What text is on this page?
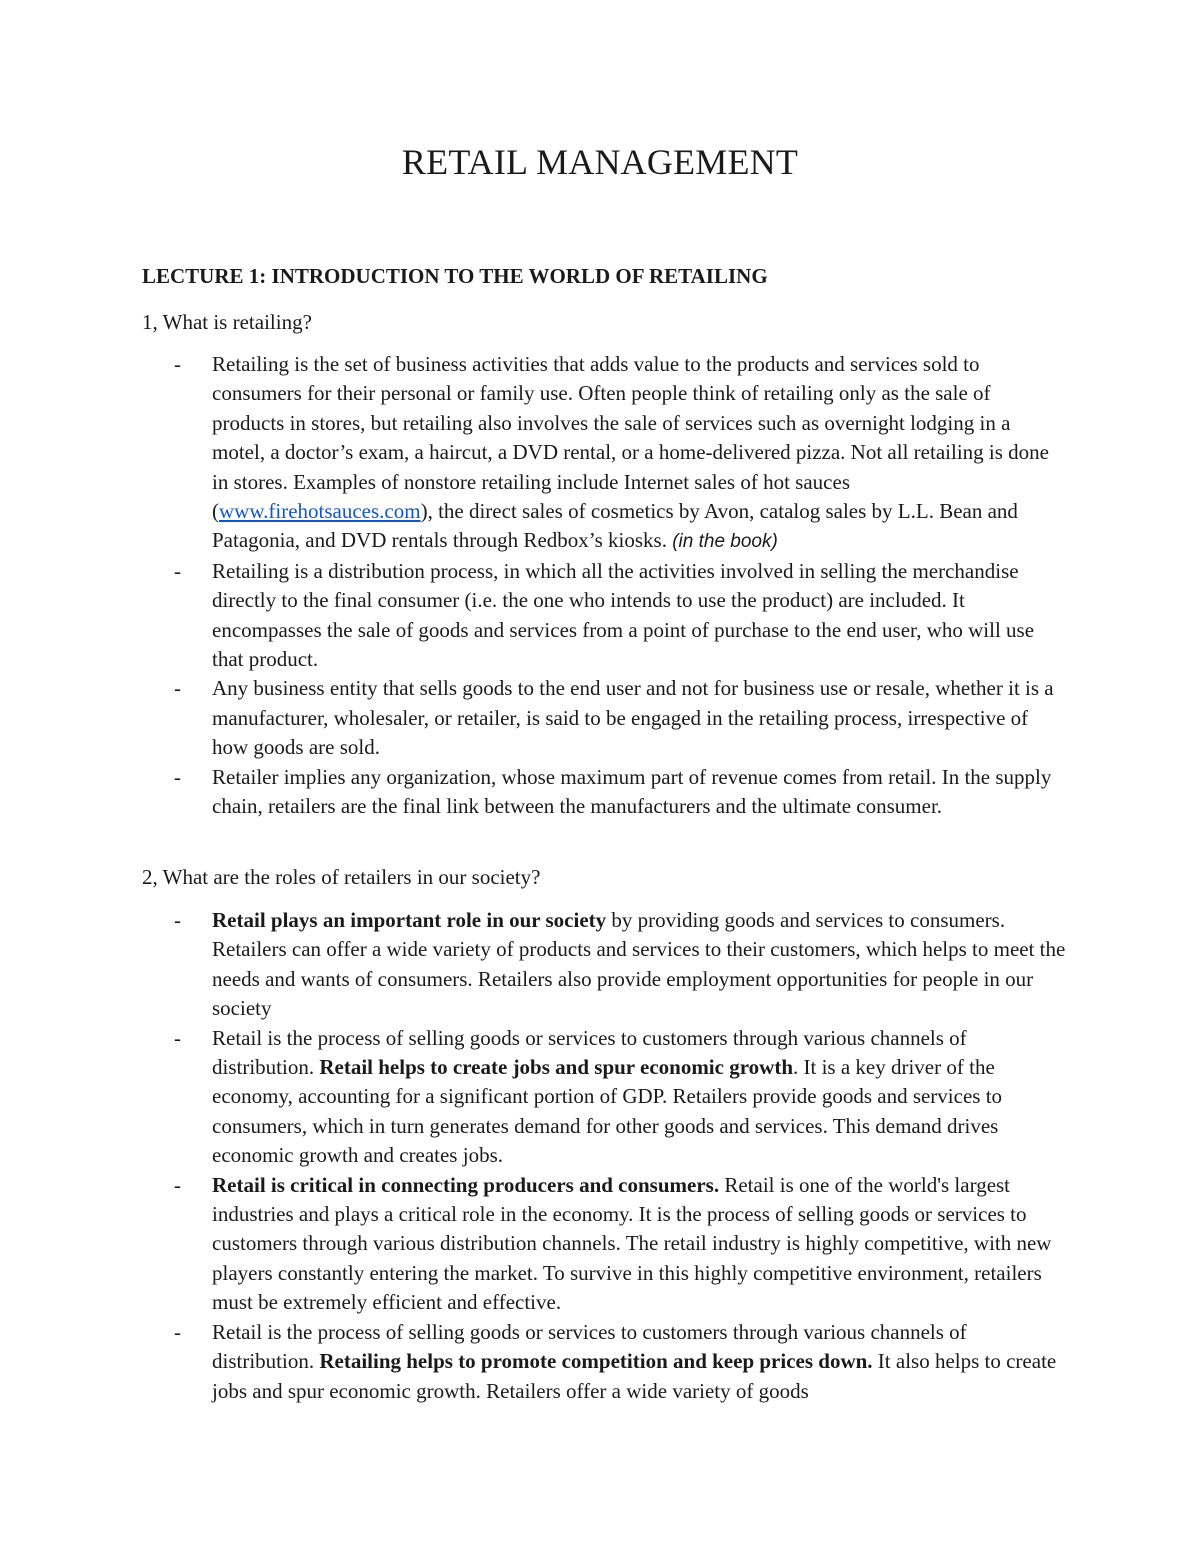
RETAIL MANAGEMENT
LECTURE 1: INTRODUCTION TO THE WORLD OF RETAILING
1, What is retailing?
- Retailing is the set of business activities that adds value to the products and services sold to consumers for their personal or family use. Often people think of retailing only as the sale of products in stores, but retailing also involves the sale of services such as overnight lodging in a motel, a doctor’s exam, a haircut, a DVD rental, or a home-delivered pizza. Not all retailing is done in stores. Examples of nonstore retailing include Internet sales of hot sauces (www.firehotsauces.com), the direct sales of cosmetics by Avon, catalog sales by L.L. Bean and Patagonia, and DVD rentals through Redbox’s kiosks. (in the book)
- Retailing is a distribution process, in which all the activities involved in selling the merchandise directly to the final consumer (i.e. the one who intends to use the product) are included. It encompasses the sale of goods and services from a point of purchase to the end user, who will use that product.
- Any business entity that sells goods to the end user and not for business use or resale, whether it is a manufacturer, wholesaler, or retailer, is said to be engaged in the retailing process, irrespective of how goods are sold.
- Retailer implies any organization, whose maximum part of revenue comes from retail. In the supply chain, retailers are the final link between the manufacturers and the ultimate consumer.
2, What are the roles of retailers in our society?
- Retail plays an important role in our society by providing goods and services to consumers. Retailers can offer a wide variety of products and services to their customers, which helps to meet the needs and wants of consumers. Retailers also provide employment opportunities for people in our society
- Retail is the process of selling goods or services to customers through various channels of distribution. Retail helps to create jobs and spur economic growth. It is a key driver of the economy, accounting for a significant portion of GDP. Retailers provide goods and services to consumers, which in turn generates demand for other goods and services. This demand drives economic growth and creates jobs.
- Retail is critical in connecting producers and consumers. Retail is one of the world's largest industries and plays a critical role in the economy. It is the process of selling goods or services to customers through various distribution channels. The retail industry is highly competitive, with new players constantly entering the market. To survive in this highly competitive environment, retailers must be extremely efficient and effective.
- Retail is the process of selling goods or services to customers through various channels of distribution. Retailing helps to promote competition and keep prices down. It also helps to create jobs and spur economic growth. Retailers offer a wide variety of goods
